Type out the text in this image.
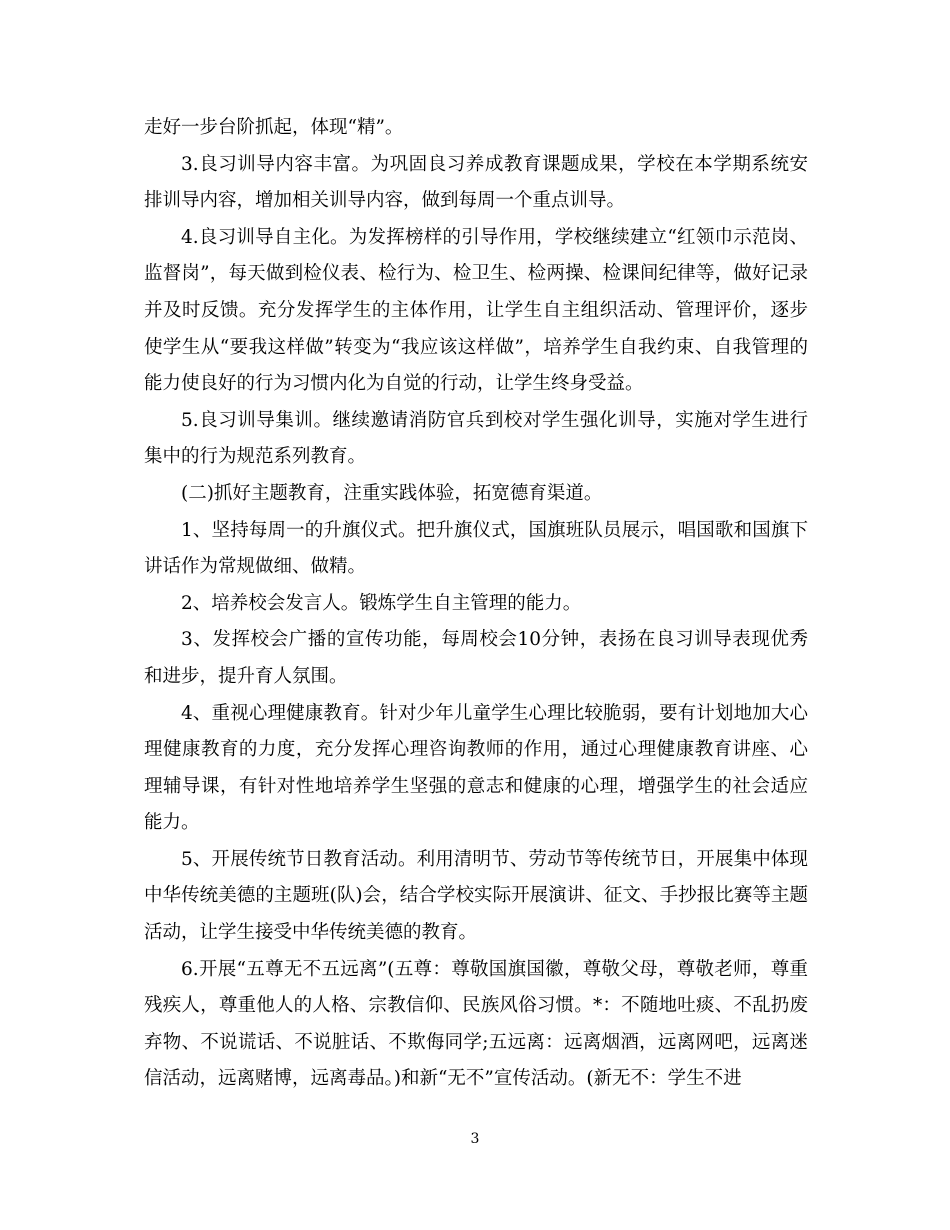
走好一步台阶抓起，体现“精”。

3.良习训导内容丰富。为巩固良习养成教育课题成果，学校在本学期系统安排训导内容，增加相关训导内容，做到每周一个重点训导。

4.良习训导自主化。为发挥榜样的引导作用，学校继续建立“红领巾示范岗、监督岗”，每天做到检仪表、检行为、检卫生、检两操、检课间纪律等，做好记录并及时反馈。充分发挥学生的主体作用，让学生自主组织活动、管理评价，逐步使学生从“要我这样做”转变为“我应该这样做”，培养学生自我约束、自我管理的能力使良好的行为习惯内化为自觉的行动，让学生终身受益。

5.良习训导集训。继续邀请消防官兵到校对学生强化训导，实施对学生进行集中的行为规范系列教育。

(二)抓好主题教育，注重实践体验，拓宽德育渠道。

1、坚持每周一的升旗仪式。把升旗仪式，国旗班队员展示，唱国歌和国旗下讲话作为常规做细、做精。

2、培养校会发言人。锻炼学生自主管理的能力。

3、发挥校会广播的宣传功能，每周校会10分钟，表扬在良习训导表现优秀和进步，提升育人氛围。

4、重视心理健康教育。针对少年儿童学生心理比较脆弱，要有计划地加大心理健康教育的力度，充分发挥心理咨询教师的作用，通过心理健康教育讲座、心理辅导课，有针对性地培养学生坚强的意志和健康的心理，增强学生的社会适应能力。

5、开展传统节日教育活动。利用清明节、劳动节等传统节日，开展集中体现中华传统美德的主题班(队)会，结合学校实际开展演讲、征文、手抄报比赛等主题活动，让学生接受中华传统美德的教育。

6.开展“五尊无不五远离”(五尊：尊敬国旗国徽，尊敬父母，尊敬老师，尊重残疾人，尊重他人的人格、宗教信仰、民族风俗习惯。*：不随地吐痰、不乱扔废弃物、不说谎话、不说脏话、不欺侮同学;五远离：远离烟酒，远离网吧，远离迷信活动，远离赌博，远离毒品。)和新“无不”宣传活动。(新无不：学生不进

3
